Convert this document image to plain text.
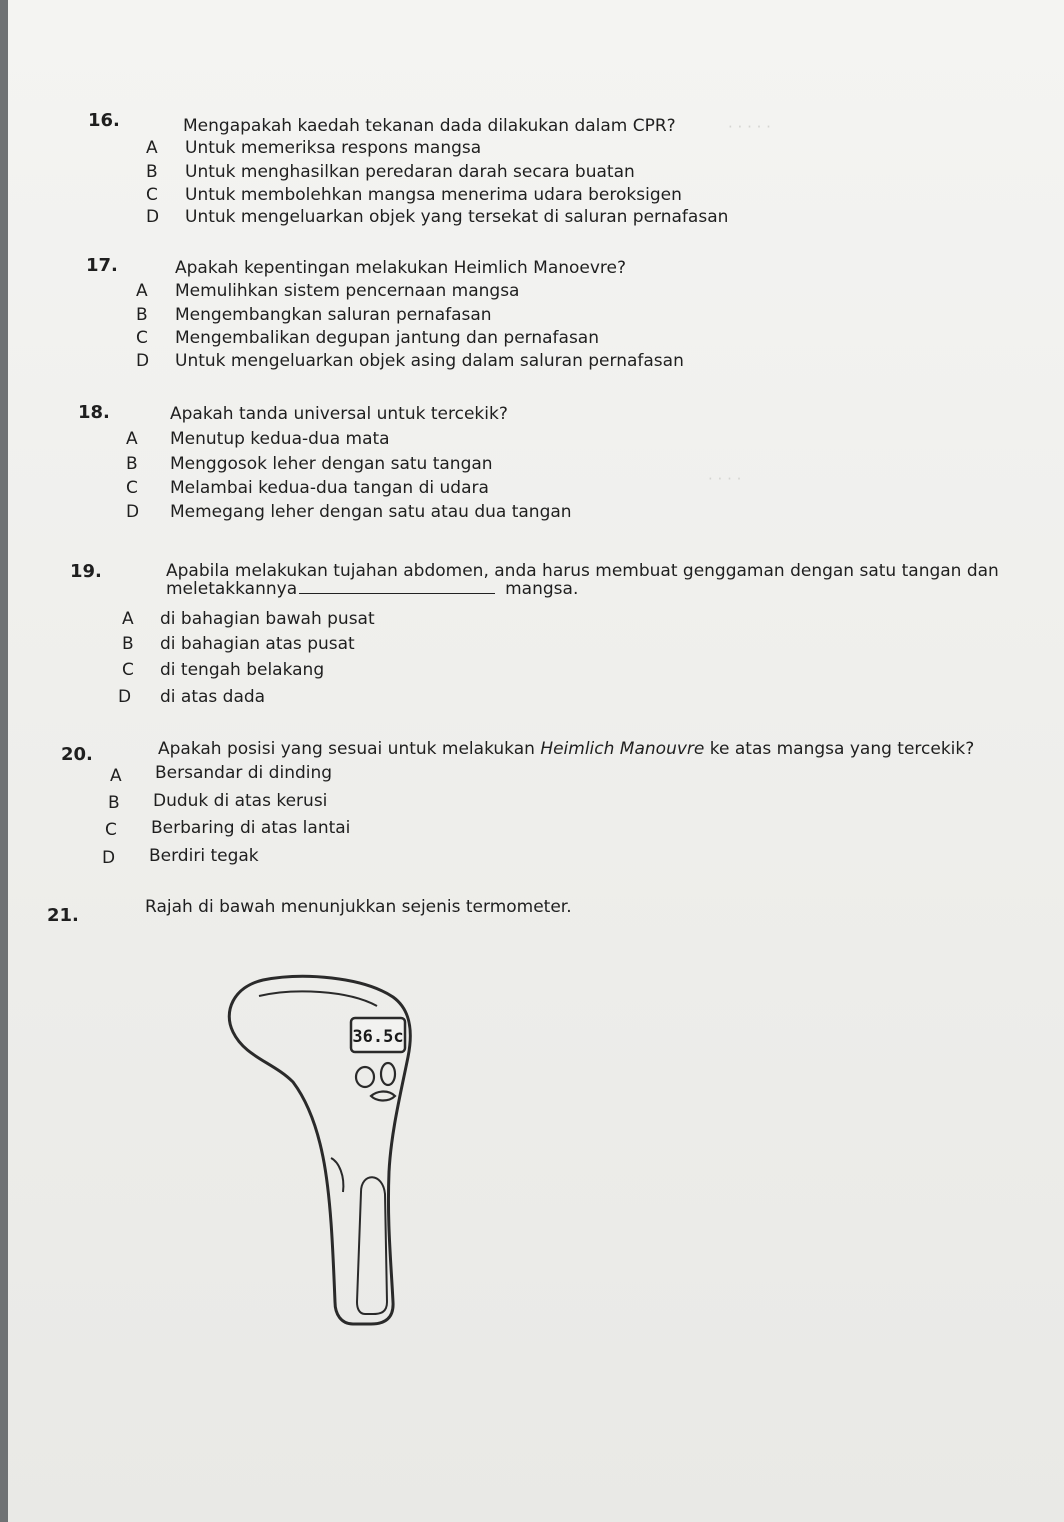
· · · · ·
· · · ·
16.	Mengapakah kaedah tekanan dada dilakukan dalam CPR?
A Untuk memeriksa respons mangsa
B Untuk menghasilkan peredaran darah secara buatan
C Untuk membolehkan mangsa menerima udara beroksigen
D Untuk mengeluarkan objek yang tersekat di saluran pernafasan
17.	Apakah kepentingan melakukan Heimlich Manoevre?
A Memulihkan sistem pencernaan mangsa
B Mengembangkan saluran pernafasan
C Mengembalikan degupan jantung dan pernafasan
D Untuk mengeluarkan objek asing dalam saluran pernafasan
18.	Apakah tanda universal untuk tercekik?
A Menutup kedua-dua mata
B Menggosok leher dengan satu tangan
C Melambai kedua-dua tangan di udara
D Memegang leher dengan satu atau dua tangan
19.	Apabila melakukan tujahan abdomen, anda harus membuat genggaman dengan satu tangan dan
meletakkannya	mangsa.
A di bahagian bawah pusat
B di bahagian atas pusat
C di tengah belakang
D di atas dada
20.	Apakah posisi yang sesuai untuk melakukan Heimlich Manouvre ke atas mangsa yang tercekik?
A Bersandar di dinding
B Duduk di atas kerusi
C Berbaring di atas lantai
D Berdiri tegak
21.	Rajah di bawah menunjukkan sejenis termometer.
36.5c
